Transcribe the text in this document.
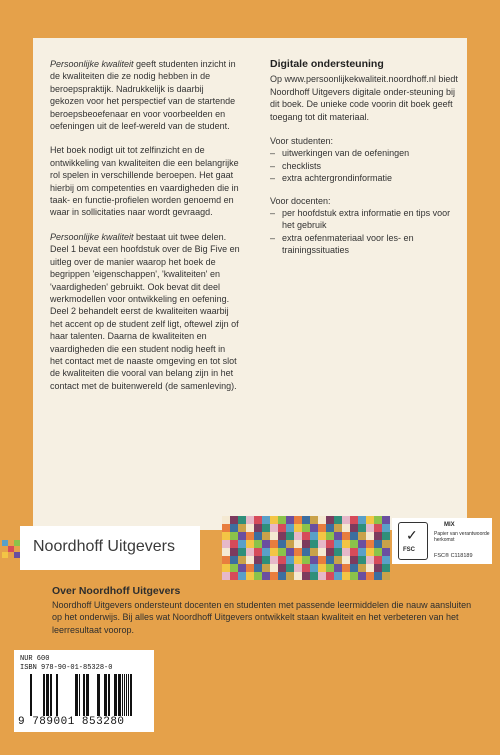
Persoonlijke kwaliteit geeft studenten inzicht in de kwaliteiten die ze nodig hebben in de beroepspraktijk. Nadrukkelijk is daarbij gekozen voor het perspectief van de startende beroepsbeoefenaar en voor voorbeelden en oefeningen uit de leef-wereld van de student.

Het boek nodigt uit tot zelfinzicht en de ontwikkeling van kwaliteiten die een belangrijke rol spelen in verschillende beroepen. Het gaat hierbij om competenties en vaardigheden die in taak- en functie-profielen worden genoemd en waar in sollicitaties naar wordt gevraagd.

Persoonlijke kwaliteit bestaat uit twee delen. Deel 1 bevat een hoofdstuk over de Big Five en uitleg over de manier waarop het boek de begrippen 'eigenschappen', 'kwaliteiten' en 'vaardigheden' gebruikt. Ook bevat dit deel werkmodellen voor ontwikkeling en oefening.

Deel 2 behandelt eerst de kwaliteiten waarbij het accent op de student zelf ligt, oftewel zijn of haar talenten. Daarna de kwaliteiten en vaardigheden die een student nodig heeft in het contact met de naaste omgeving en tot slot de kwaliteiten die vooral van belang zijn in het contact met de buitenwereld (de samenleving).

Digitale ondersteuning

Op www.persoonlijkekwaliteit.noordhoff.nl biedt Noordhoff Uitgevers digitale onder-steuning bij dit boek. De unieke code voorin dit boek geeft toegang tot dit materiaal.

Voor studenten:
– uitwerkingen van de oefeningen
– checklists
– extra achtergrondinformatie
Voor docenten:
– per hoofdstuk extra informatie en tips voor het gebruik
– extra oefenmateriaal voor les- en trainingssituaties
Noordhoff Uitgevers
✓
FSC
MIX
Papier van verantwoorde herkomst
FSC® C118189
Over Noordhoff Uitgevers

Noordhoff Uitgevers ondersteunt docenten en studenten met passende leermiddelen die nauw aansluiten op het onderwijs. Bij alles wat Noordhoff Uitgevers ontwikkelt staan kwaliteit en het verbeteren van het leerresultaat voorop.

NUR 600
ISBN 978-90-01-85328-0
9 789001 853280
